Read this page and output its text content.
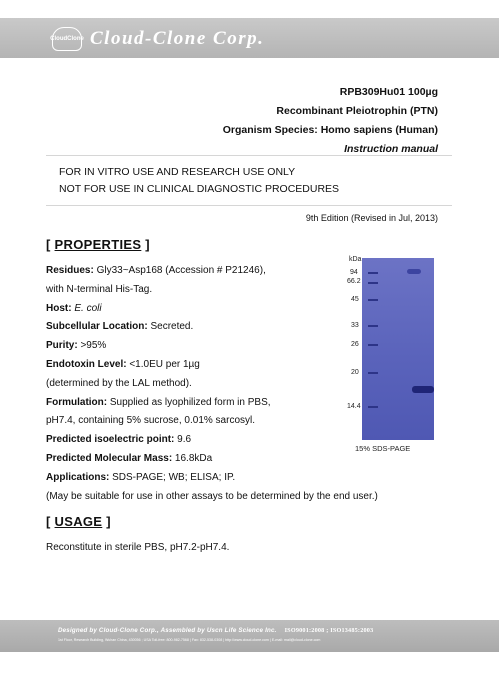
CloudClone Cloud-Clone Corp.
RPB309Hu01 100µg
Recombinant Pleiotrophin (PTN)
Organism Species: Homo sapiens (Human)
Instruction manual
FOR IN VITRO USE AND RESEARCH USE ONLY
NOT FOR USE IN CLINICAL DIAGNOSTIC PROCEDURES
9th Edition (Revised in Jul, 2013)
[ PROPERTIES ]
Residues: Gly33~Asp168 (Accession # P21246),
with N-terminal His-Tag.
Host: E. coli
Subcellular Location: Secreted.
Purity: >95%
Endotoxin Level: <1.0EU per 1µg
(determined by the LAL method).
Formulation: Supplied as lyophilized form in PBS,
pH7.4, containing 5% sucrose, 0.01% sarcosyl.
Predicted isoelectric point: 9.6
Predicted Molecular Mass: 16.8kDa
Applications: SDS-PAGE; WB; ELISA; IP.
(May be suitable for use in other assays to be determined by the end user.)
kDa
94
66.2
45
33
26
20
14.4
15% SDS-PAGE
[ USAGE ]
Reconstitute in sterile PBS, pH7.2-pH7.4.
Designed by Cloud-Clone Corp., Assembled by Uscn Life Science Inc. ISO9001:2008 ; ISO13485:2003
1st Floor, Research Building, Wuhan China, 430056 ; USA Toll-free: 800-982-7568 | Fax: 832-538-0308 | http://www.cloud-clone.com | E-mail: mail@cloud-clone.com
